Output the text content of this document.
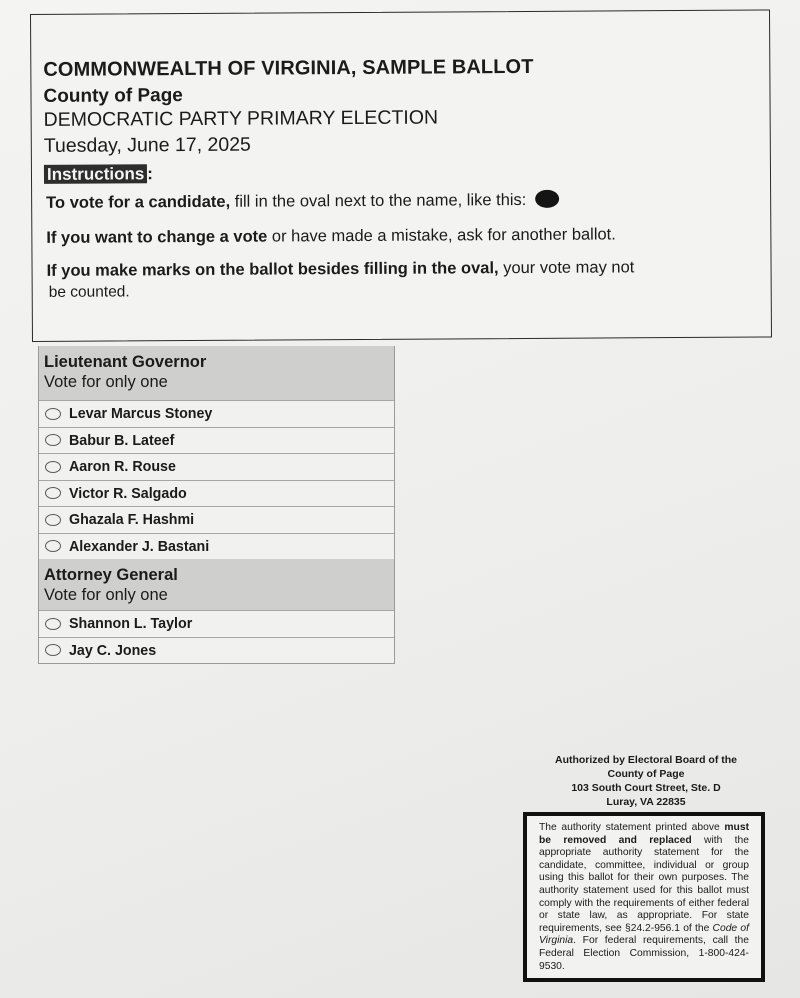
COMMONWEALTH OF VIRGINIA, SAMPLE BALLOT
County of Page
DEMOCRATIC PARTY PRIMARY ELECTION
Tuesday, June 17, 2025
Instructions :
To vote for a candidate, fill in the oval next to the name, like this:
If you want to change a vote or have made a mistake, ask for another ballot.
If you make marks on the ballot besides filling in the oval, your vote may not
be counted.
Lieutenant Governor
Vote for only one
Levar Marcus Stoney
Babur B. Lateef
Aaron R. Rouse
Victor R. Salgado
Ghazala F. Hashmi
Alexander J. Bastani
Attorney General
Vote for only one
Shannon L. Taylor
Jay C. Jones
Authorized by Electoral Board of the
County of Page
103 South Court Street, Ste. D
Luray, VA 22835
The authority statement printed above must be removed and replaced with the appropriate authority statement for the candidate, committee, individual or group using this ballot for their own purposes. The authority statement used for this ballot must comply with the requirements of either federal or state law, as appropriate. For state requirements, see §24.2-956.1 of the Code of Virginia. For federal requirements, call the Federal Election Commission, 1-800-424-9530.
